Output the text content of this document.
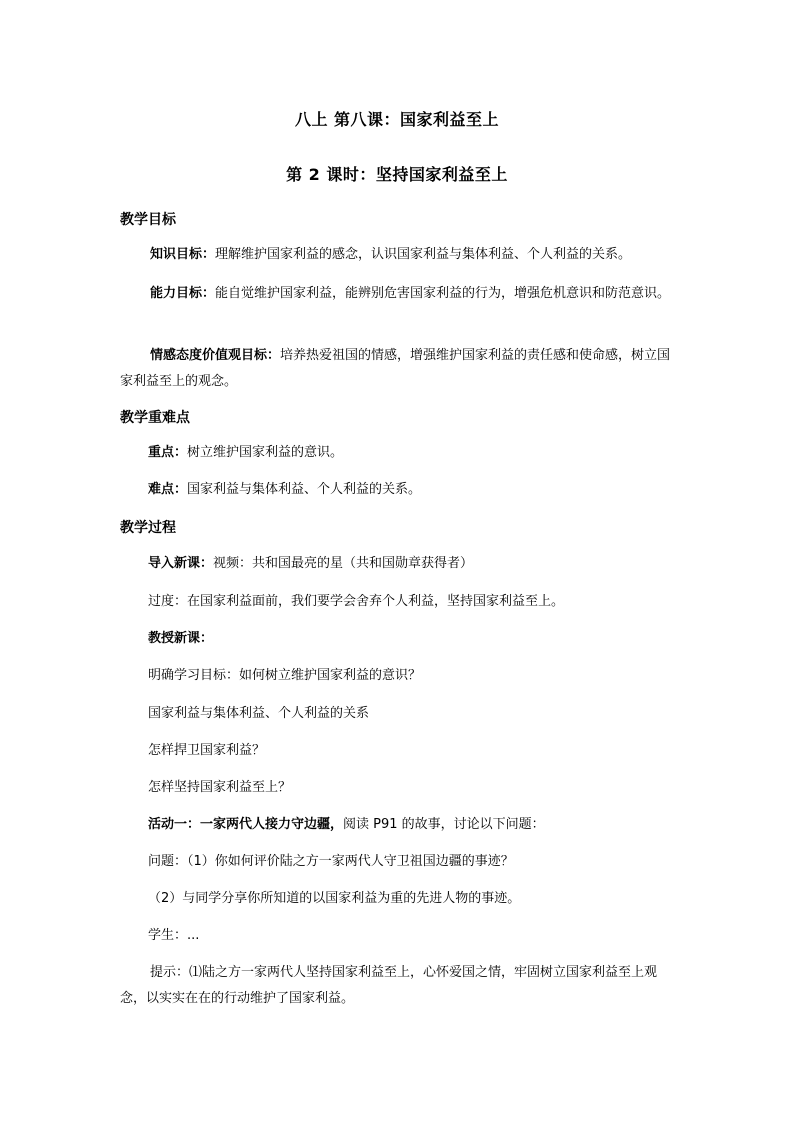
八上 第八课：国家利益至上
第 2 课时：坚持国家利益至上
教学目标
知识目标：理解维护国家利益的感念，认识国家利益与集体利益、个人利益的关系。
能力目标：能自觉维护国家利益，能辨别危害国家利益的行为，增强危机意识和防范意识。
情感态度价值观目标：培养热爱祖国的情感，增强维护国家利益的责任感和使命感，树立国家利益至上的观念。
教学重难点
重点：树立维护国家利益的意识。
难点：国家利益与集体利益、个人利益的关系。
教学过程
导入新课：视频：共和国最亮的星（共和国勋章获得者）
过度：在国家利益面前，我们要学会舍弃个人利益，坚持国家利益至上。
教授新课：
明确学习目标：如何树立维护国家利益的意识？
国家利益与集体利益、个人利益的关系
怎样捍卫国家利益？
怎样坚持国家利益至上？
活动一：一家两代人接力守边疆，阅读 P91 的故事，讨论以下问题：
问题：（1）你如何评价陆之方一家两代人守卫祖国边疆的事迹？
（2）与同学分享你所知道的以国家利益为重的先进人物的事迹。
学生：...
提示：⑴陆之方一家两代人坚持国家利益至上，心怀爱国之情，牢固树立国家利益至上观念，以实实在在的行动维护了国家利益。
